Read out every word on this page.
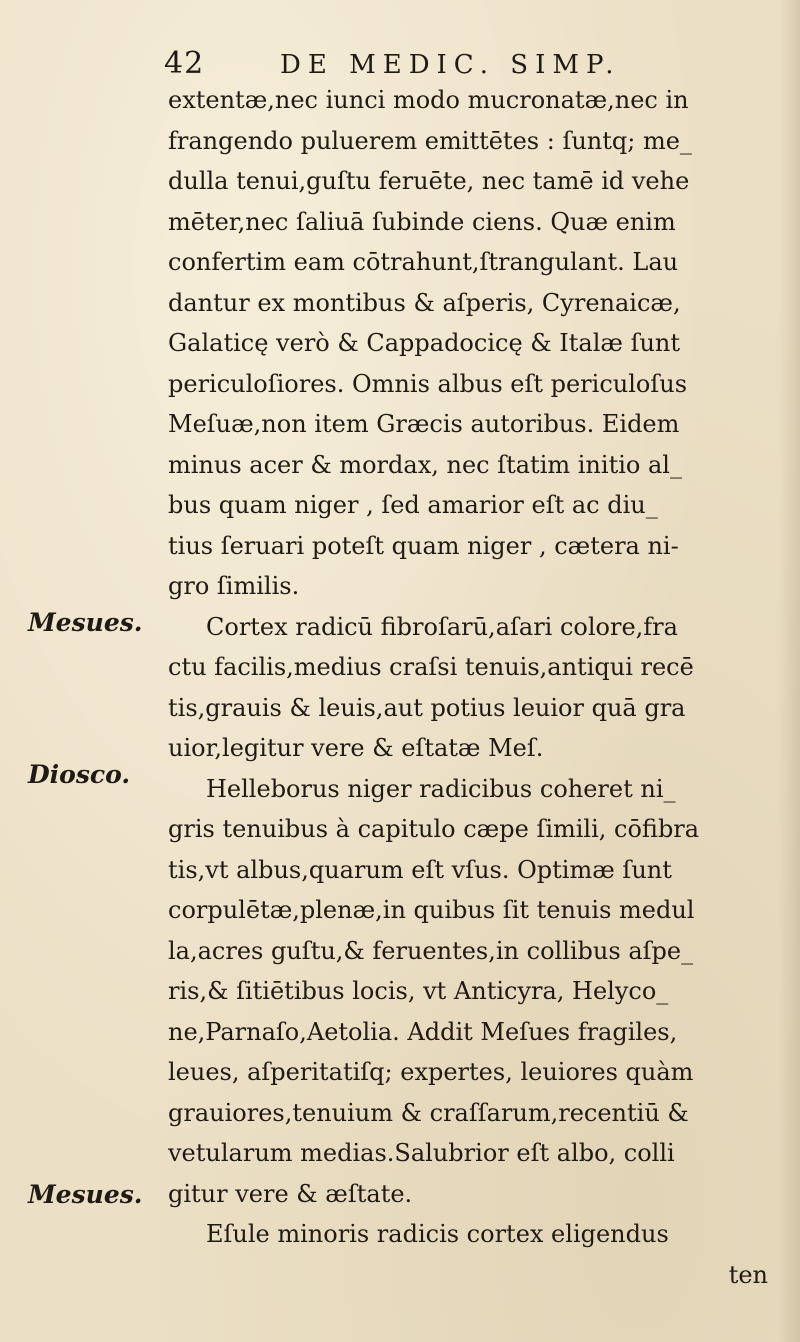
42	DE MEDIC. SIMP.
Mesues.
Diosco.
Mesues.
extentæ,nec iunci modo mucronatæ,nec in
frangendo puluerem emittētes : ſuntq; me_
dulla tenui,guſtu feruēte, nec tamē id vehe
mēter,nec ſaliuā ſubinde ciens. Quæ enim
confertim eam cōtrahunt,ſtrangulant. Lau
dantur ex montibus & aſperis, Cyrenaicæ,
Galaticę verò & Cappadocicę & Italæ ſunt
periculoſiores. Omnis albus eſt periculoſus
Meſuæ,non item Græcis autoribus. Eidem
minus acer & mordax, nec ſtatim initio al_
bus quam niger , ſed amarior eſt ac diu_
tius ſeruari poteſt quam niger , cætera ni-
gro ſimilis.
Cortex radicū fibroſarū,aſari colore,fra
ctu facilis,medius craſsi tenuis,antiqui recē
tis,grauis & leuis,aut potius leuior quā gra
uior,legitur vere & eſtatæ Meſ.
Helleborus niger radicibus coheret ni_
gris tenuibus à capitulo cæpe ſimili, cōfibra
tis,vt albus,quarum eſt vſus. Optimæ ſunt
corpulētæ,plenæ,in quibus ſit tenuis medul
la,acres guſtu,& feruentes,in collibus aſpe_
ris,& ſitiētibus locis, vt Anticyra, Helyco_
ne,Parnaſo,Aetolia. Addit Meſues fragiles,
leues, aſperitatiſq; expertes, leuiores quàm
grauiores,tenuium & craſſarum,recentiū &
vetularum medias.Salubrior eſt albo, colli
gitur vere & æſtate.
Eſule minoris radicis cortex eligendus
ten
